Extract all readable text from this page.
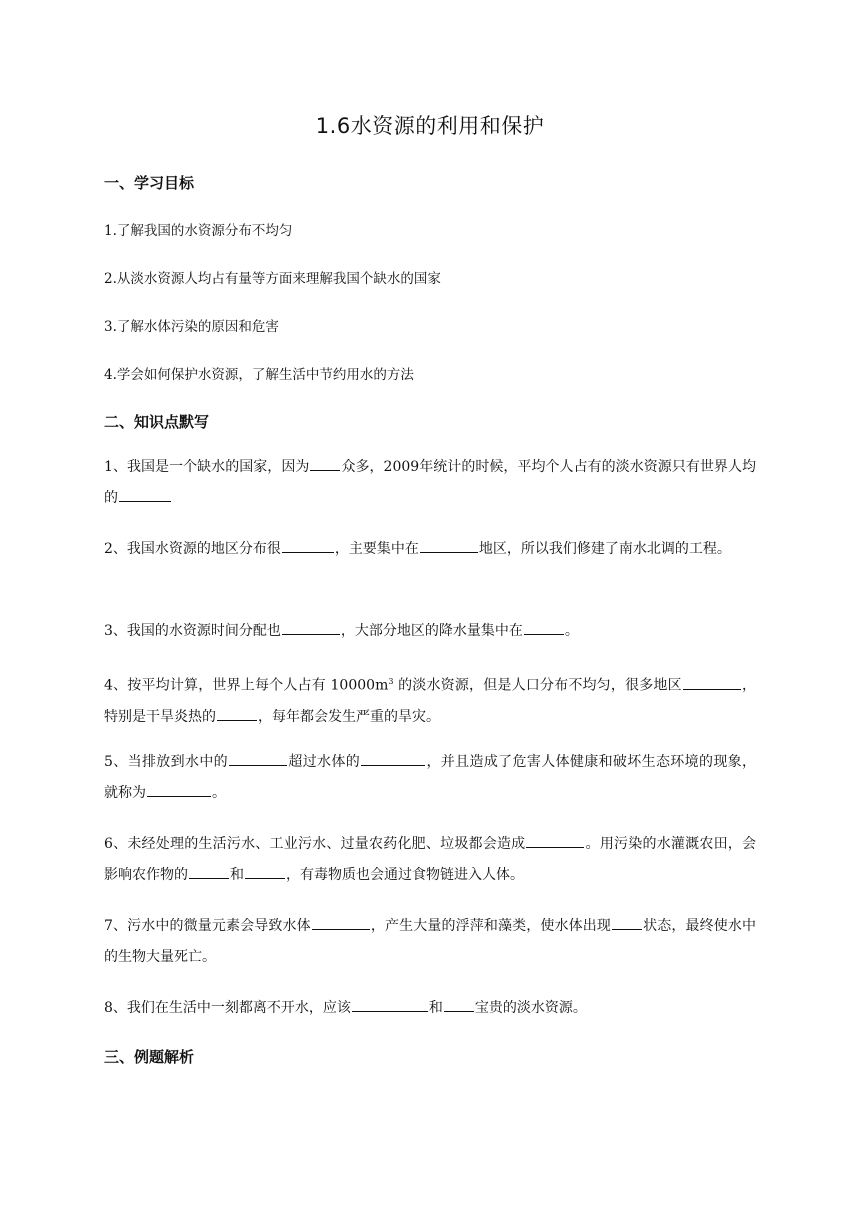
1.6水资源的利用和保护
一、学习目标
1.了解我国的水资源分布不均匀
2.从淡水资源人均占有量等方面来理解我国个缺水的国家
3.了解水体污染的原因和危害
4.学会如何保护水资源，了解生活中节约用水的方法
二、知识点默写
1、我国是一个缺水的国家，因为 众多，2009年统计的时候，平均个人占有的淡水资源只有世界人均的
2、我国水资源的地区分布很	，主要集中在	地区，所以我们修建了南水北调的工程。
3、我国的水资源时间分配也	，大部分地区的降水量集中在	。
4、按平均计算，世界上每个人占有 $10000m^3$ 的淡水资源，但是人口分布不均匀，很多地区	，特别是干旱炎热的	，每年都会发生严重的旱灾。
5、当排放到水中的	超过水体的	，并且造成了危害人体健康和破坏生态环境的现象，就称为	。
6、未经处理的生活污水、工业污水、过量农药化肥、垃圾都会造成	。用污染的水灌溉农田，会影响农作物的	和	，有毒物质也会通过食物链进入人体。
7、污水中的微量元素会导致水体	，产生大量的浮萍和藻类，使水体出现 状态，最终使水中的生物大量死亡。
8、我们在生活中一刻都离不开水，应该	和 宝贵的淡水资源。
三、例题解析
